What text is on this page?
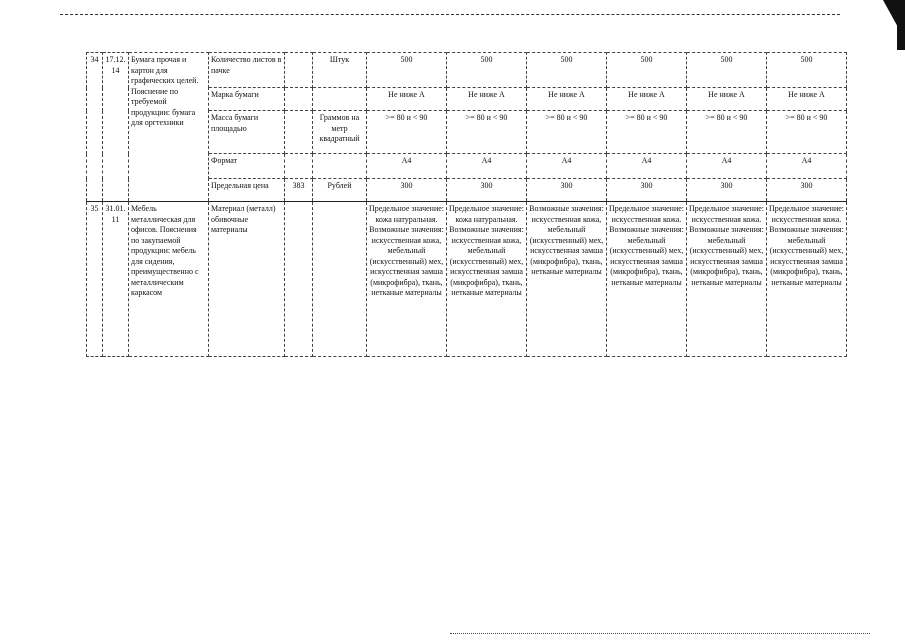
34	17.12.14	Бумага прочая и картон для графических целей. Пояснение по требуемой продукции: бумага для оргтехники	Количество листов в пачке		Штук	500	500	500	500	500	500
			Марка бумаги			Не ниже А	Не ниже А	Не ниже А	Не ниже А	Не ниже А	Не ниже А
			Масса бумаги площадью		Граммов на метр квадратный	>= 80 и < 90	>= 80 и < 90	>= 80 и < 90	>= 80 и < 90	>= 80 и < 90	>= 80 и < 90
			Формат			А4	А4	А4	А4	А4	А4
			Предельная цена	383	Рублей	300	300	300	300	300	300
35	31.01.11	Мебель металлическая для офисов. Пояснения по закупаемой продукции: мебель для сидения, преимущественно с металлическим каркасом	Материал (металл) обивочные материалы			Предельное значение: кожа натуральная. Возможные значения: искусственная кожа, мебельный (искусственный) мех, искусственная замша (микрофибра), ткань, нетканые материалы	Предельное значение: кожа натуральная. Возможные значения: искусственная кожа, мебельный (искусственный) мех, искусственная замша (микрофибра), ткань, нетканые материалы	Возможные значения: искусственная кожа, мебельный (искусственный) мех, искусственная замша (микрофибра), ткань, нетканые материалы	Предельное значение: искусственная кожа. Возможные значения: мебельный (искусственный) мех, искусственная замша (микрофибра), ткань, нетканые материалы	Предельное значение: искусственная кожа. Возможные значения: мебельный (искусственный) мех, искусственная замша (микрофибра), ткань, нетканые материалы	Предельное значение: искусственная кожа. Возможные значения: мебельный (искусственный) мех, искусственная замша (микрофибра), ткань, нетканые материалы
